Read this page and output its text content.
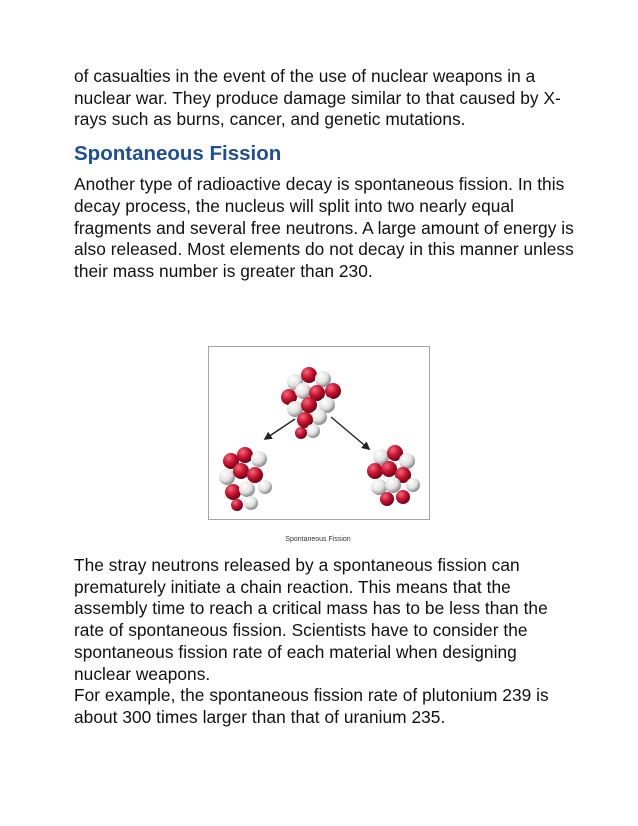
of casualties in the event of the use of nuclear weapons in a nuclear war. They produce damage similar to that caused by X-rays such as burns, cancer, and genetic mutations.

Spontaneous Fission

Another type of radioactive decay is spontaneous fission. In this decay process, the nucleus will split into two nearly equal fragments and several free neutrons. A large amount of energy is also released. Most elements do not decay in this manner unless their mass number is greater than 230.

Spontaneous Fission

The stray neutrons released by a spontaneous fission can prematurely initiate a chain reaction. This means that the assembly time to reach a critical mass has to be less than the rate of spontaneous fission. Scientists have to consider the spontaneous fission rate of each material when designing nuclear weapons.

For example, the spontaneous fission rate of plutonium 239 is about 300 times larger than that of uranium 235.
